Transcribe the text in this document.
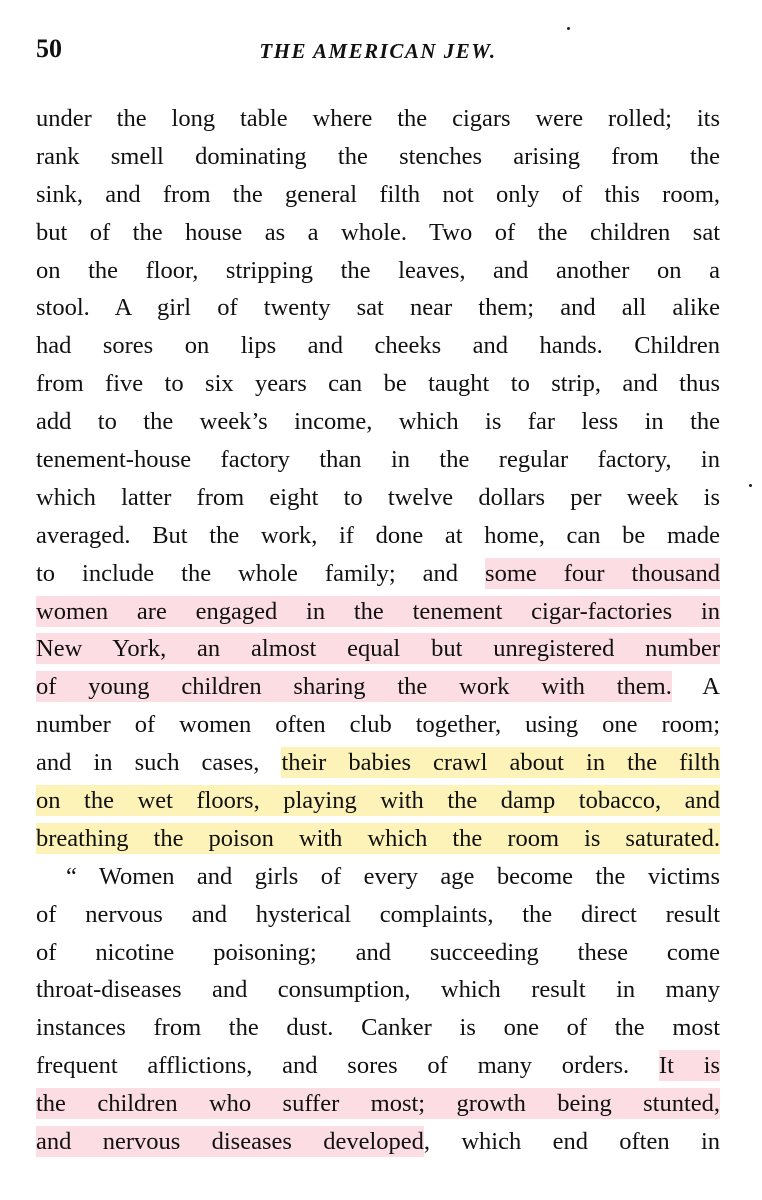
50	THE AMERICAN JEW.
under the long table where the cigars were rolled; its
rank smell dominating the stenches arising from the
sink, and from the general filth not only of this room,
but of the house as a whole. Two of the children sat
on the floor, stripping the leaves, and another on a
stool. A girl of twenty sat near them; and all alike
had sores on lips and cheeks and hands. Children
from five to six years can be taught to strip, and thus
add to the week’s income, which is far less in the
tenement-house factory than in the regular factory, in
which latter from eight to twelve dollars per week is
averaged. But the work, if done at home, can be made
to include the whole family; and some four thousand
women are engaged in the tenement cigar-factories in
New York, an almost equal but unregistered number
of young children sharing the work with them. A
number of women often club together, using one room;
and in such cases, their babies crawl about in the filth
on the wet floors, playing with the damp tobacco, and
breathing the poison with which the room is saturated.
“ Women and girls of every age become the victims
of nervous and hysterical complaints, the direct result
of nicotine poisoning; and succeeding these come
throat-diseases and consumption, which result in many
instances from the dust. Canker is one of the most
frequent afflictions, and sores of many orders. It is
the children who suffer most; growth being stunted,
and nervous diseases developed, which end often in
